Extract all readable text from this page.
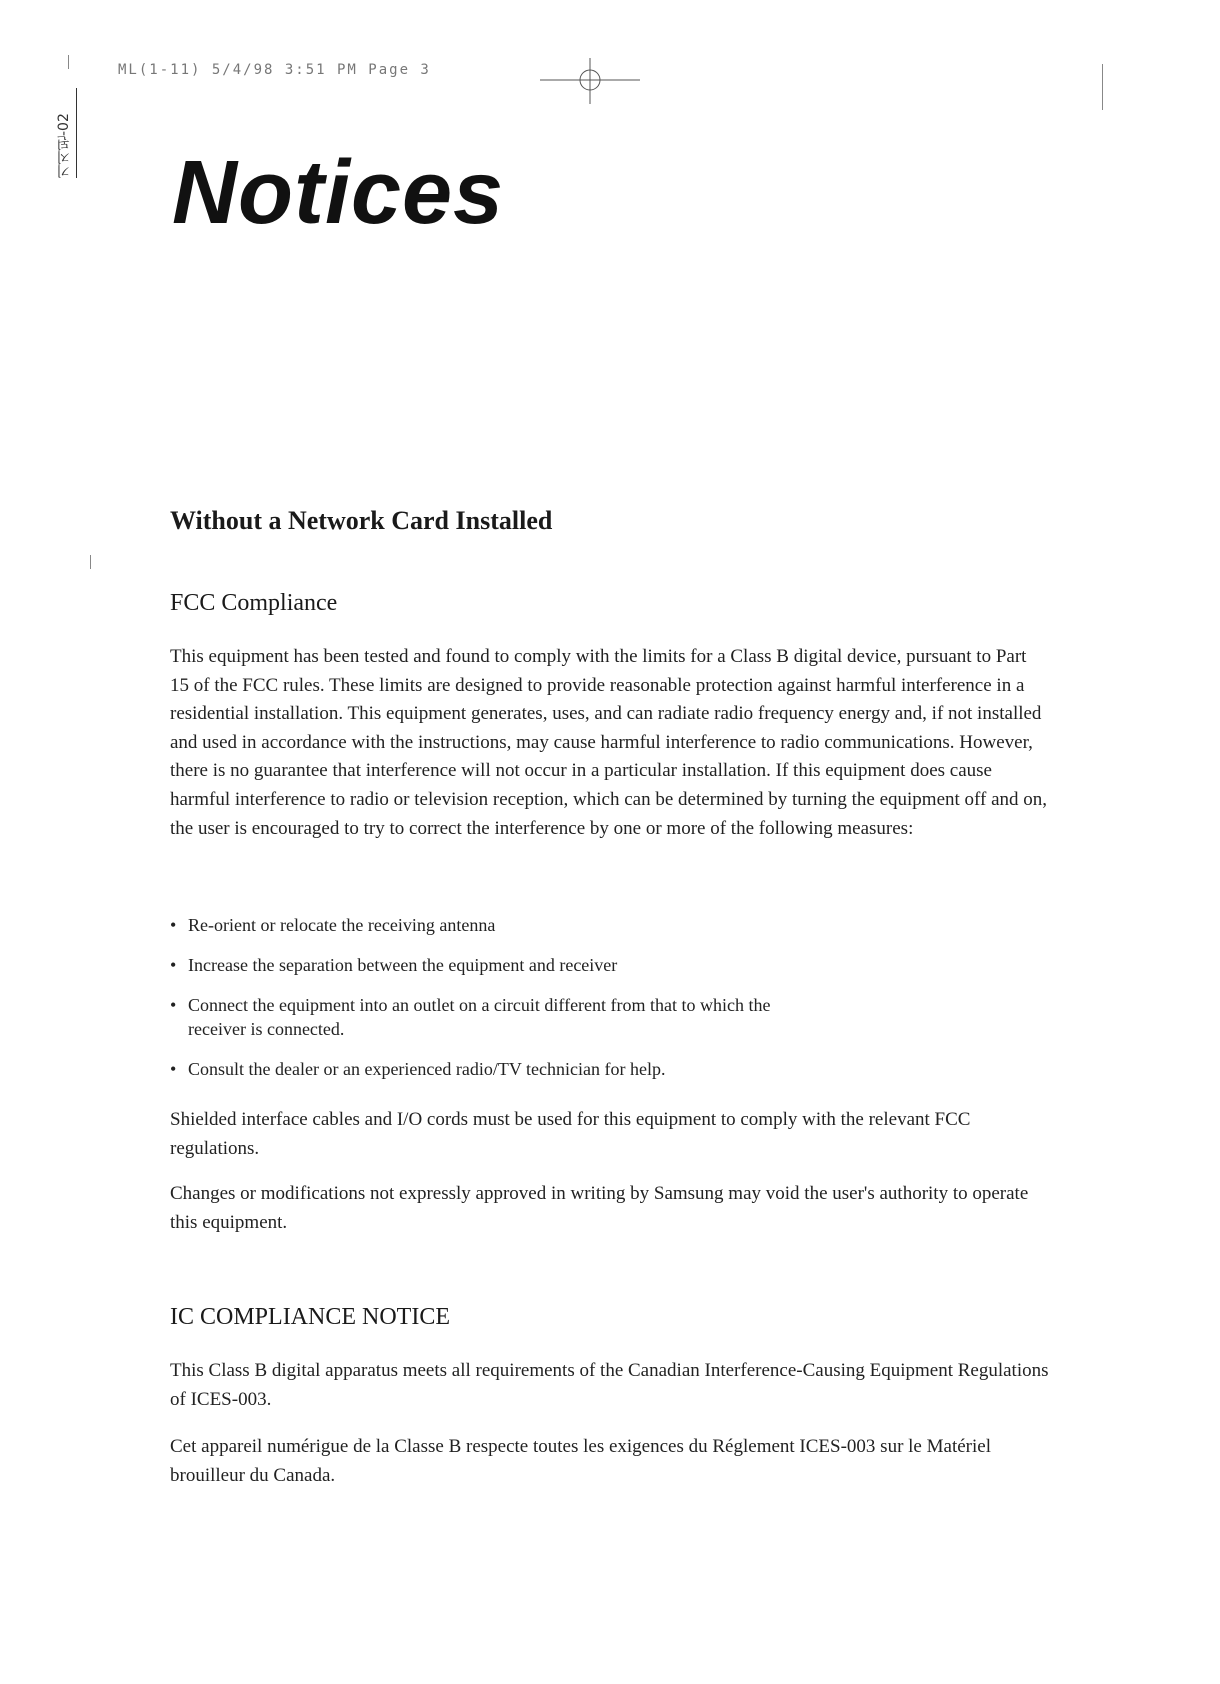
ML(1-11) 5/4/98 3:51 PM Page 3
기지된-02 Notices
Without a Network Card Installed
FCC Compliance

This equipment has been tested and found to comply with the limits for a Class B digital device, pursuant to Part 15 of the FCC rules. These limits are designed to provide reasonable protection against harmful interference in a residential installation. This equipment generates, uses, and can radiate radio frequency energy and, if not installed and used in accordance with the instructions, may cause harmful interference to radio communications. However, there is no guarantee that interference will not occur in a particular installation. If this equipment does cause harmful interference to radio or television reception, which can be determined by turning the equipment off and on, the user is encouraged to try to correct the interference by one or more of the following measures:

• Re-orient or relocate the receiving antenna
• Increase the separation between the equipment and receiver
• Connect the equipment into an outlet on a circuit different from that to which the receiver is connected.
• Consult the dealer or an experienced radio/TV technician for help.

Shielded interface cables and I/O cords must be used for this equipment to comply with the relevant FCC regulations.

Changes or modifications not expressly approved in writing by Samsung may void the user's authority to operate this equipment.

IC COMPLIANCE NOTICE

This Class B digital apparatus meets all requirements of the Canadian Interference-Causing Equipment Regulations of ICES-003.

Cet appareil numérigue de la Classe B respecte toutes les exigences du Réglement ICES-003 sur le Matériel brouilleur du Canada.
